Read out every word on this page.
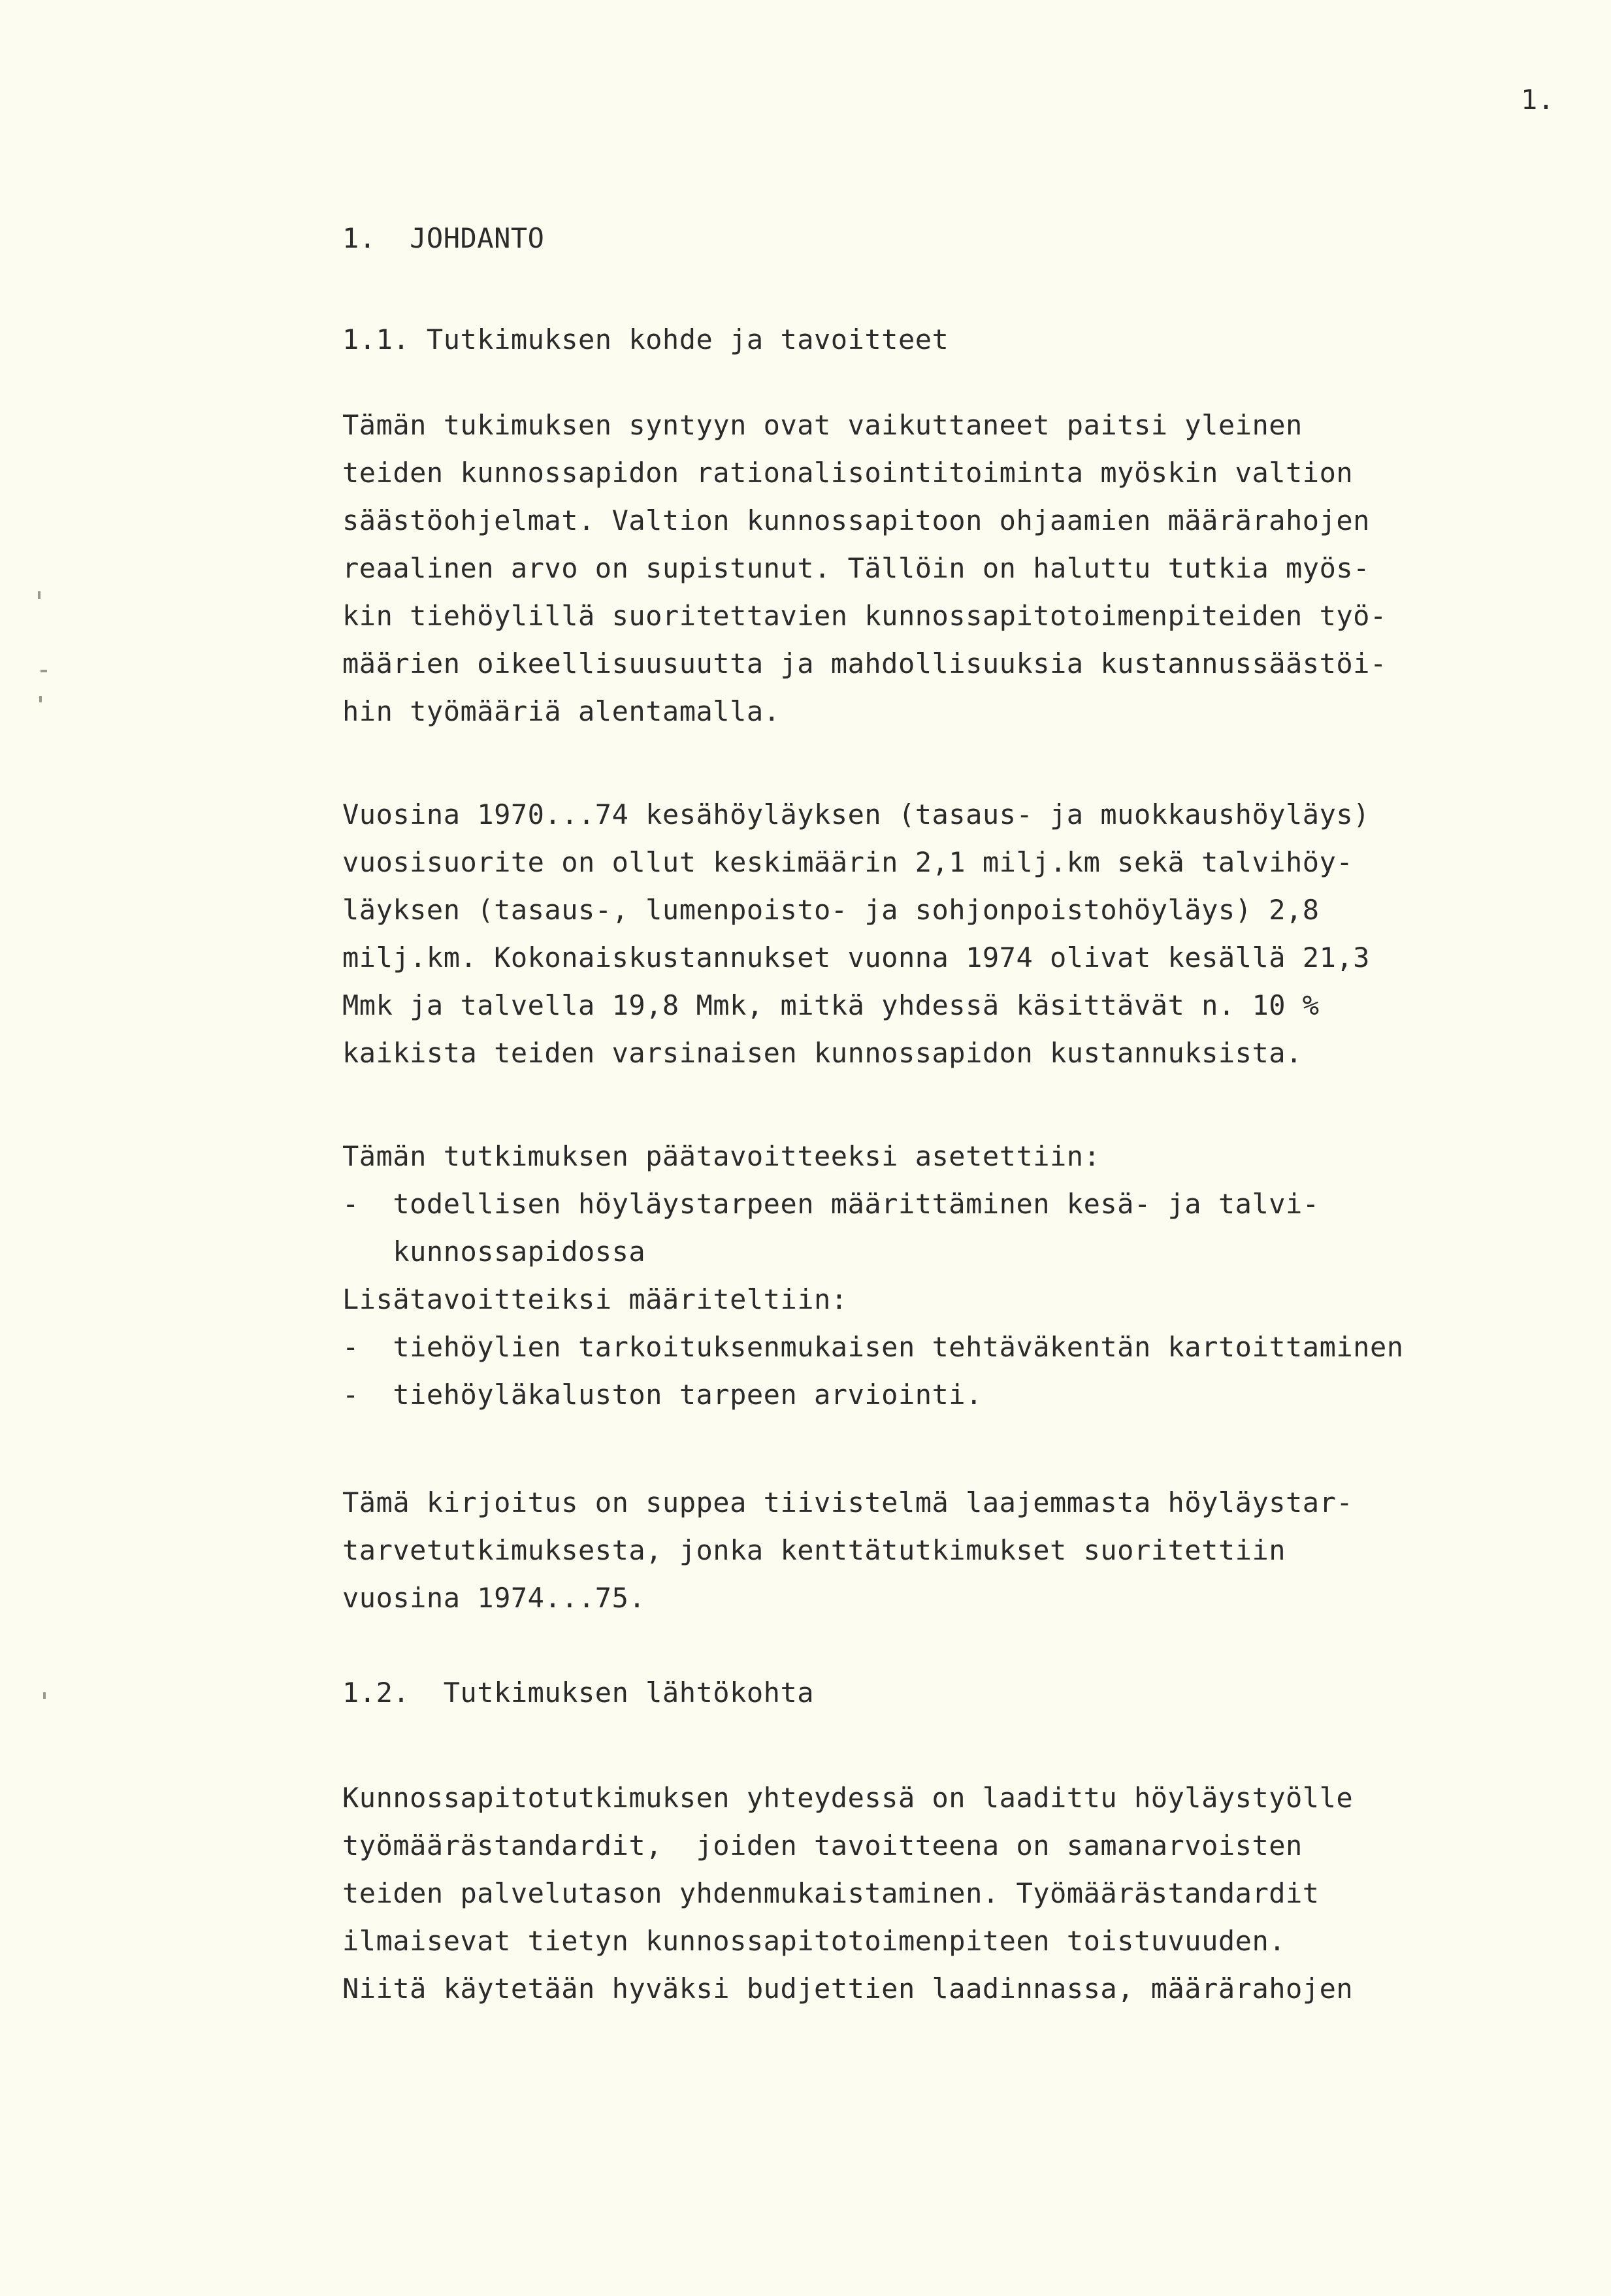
1.
1.  JOHDANTO
1.1. Tutkimuksen kohde ja tavoitteet
Tämän tukimuksen syntyyn ovat vaikuttaneet paitsi yleinen
teiden kunnossapidon rationalisointitoiminta myöskin valtion
säästöohjelmat. Valtion kunnossapitoon ohjaamien määrärahojen
reaalinen arvo on supistunut. Tällöin on haluttu tutkia myös-
kin tiehöylillä suoritettavien kunnossapitotoimenpiteiden työ-
määrien oikeellisuusuutta ja mahdollisuuksia kustannussäästöi-
hin työmääriä alentamalla.
Vuosina 1970...74 kesähöyläyksen (tasaus- ja muokkaushöyläys)
vuosisuorite on ollut keskimäärin 2,1 milj.km sekä talvihöy-
läyksen (tasaus-, lumenpoisto- ja sohjonpoistohöyläys) 2,8
milj.km. Kokonaiskustannukset vuonna 1974 olivat kesällä 21,3
Mmk ja talvella 19,8 Mmk, mitkä yhdessä käsittävät n. 10 %
kaikista teiden varsinaisen kunnossapidon kustannuksista.
Tämän tutkimuksen päätavoitteeksi asetettiin:
-  todellisen höyläystarpeen määrittäminen kesä- ja talvi-
kunnossapidossa
Lisätavoitteiksi määriteltiin:
-  tiehöylien tarkoituksenmukaisen tehtäväkentän kartoittaminen
-  tiehöyläkaluston tarpeen arviointi.
Tämä kirjoitus on suppea tiivistelmä laajemmasta höyläystar-
tarvetutkimuksesta, jonka kenttätutkimukset suoritettiin
vuosina 1974...75.
1.2.  Tutkimuksen lähtökohta
Kunnossapitotutkimuksen yhteydessä on laadittu höyläystyölle
työmäärästandardit,  joiden tavoitteena on samanarvoisten
teiden palvelutason yhdenmukaistaminen. Työmäärästandardit
ilmaisevat tietyn kunnossapitotoimenpiteen toistuvuuden.
Niitä käytetään hyväksi budjettien laadinnassa, määrärahojen
